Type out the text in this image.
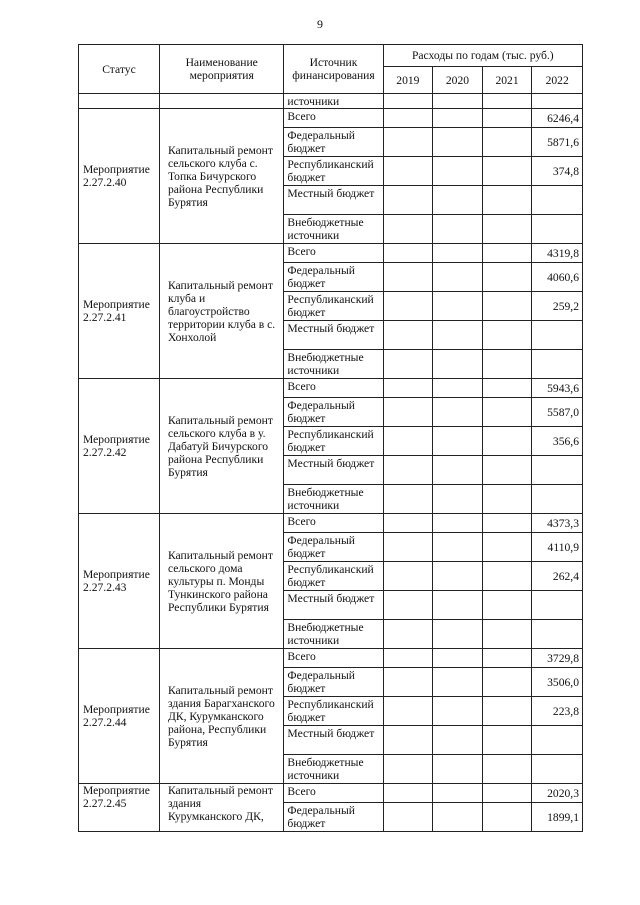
9
Статус	Наименование мероприятия	Источник финансирования	Расходы по годам (тыс. руб.)			
			2019	2020	2021	2022
		источники				
Мероприятие 2.27.2.40	Капитальный ремонт сельского клуба с. Топка Бичурского района Республики Бурятия	Всего				6246,4
		Федеральный бюджет				5871,6
		Республиканский бюджет				374,8
		Местный бюджет				
		Внебюджетные источники				
Мероприятие 2.27.2.41	Капитальный ремонт клуба и благоустройство территории клуба в с. Хонхолой	Всего				4319,8
		Федеральный бюджет				4060,6
		Республиканский бюджет				259,2
		Местный бюджет				
		Внебюджетные источники				
Мероприятие 2.27.2.42	Капитальный ремонт сельского клуба в у. Дабатуй Бичурского района Республики Бурятия	Всего				5943,6
		Федеральный бюджет				5587,0
		Республиканский бюджет				356,6
		Местный бюджет				
		Внебюджетные источники				
Мероприятие 2.27.2.43	Капитальный ремонт сельского дома культуры п. Монды Тункинского района Республики Бурятия	Всего				4373,3
		Федеральный бюджет				4110,9
		Республиканский бюджет				262,4
		Местный бюджет				
		Внебюджетные источники				
Мероприятие 2.27.2.44	Капитальный ремонт здания Барагханского ДК, Курумканского района, Республики Бурятия	Всего				3729,8
		Федеральный бюджет				3506,0
		Республиканский бюджет				223,8
		Местный бюджет				
		Внебюджетные источники				
Мероприятие 2.27.2.45	Капитальный ремонт здания Курумканского ДК,	Всего				2020,3
		Федеральный бюджет				1899,1
